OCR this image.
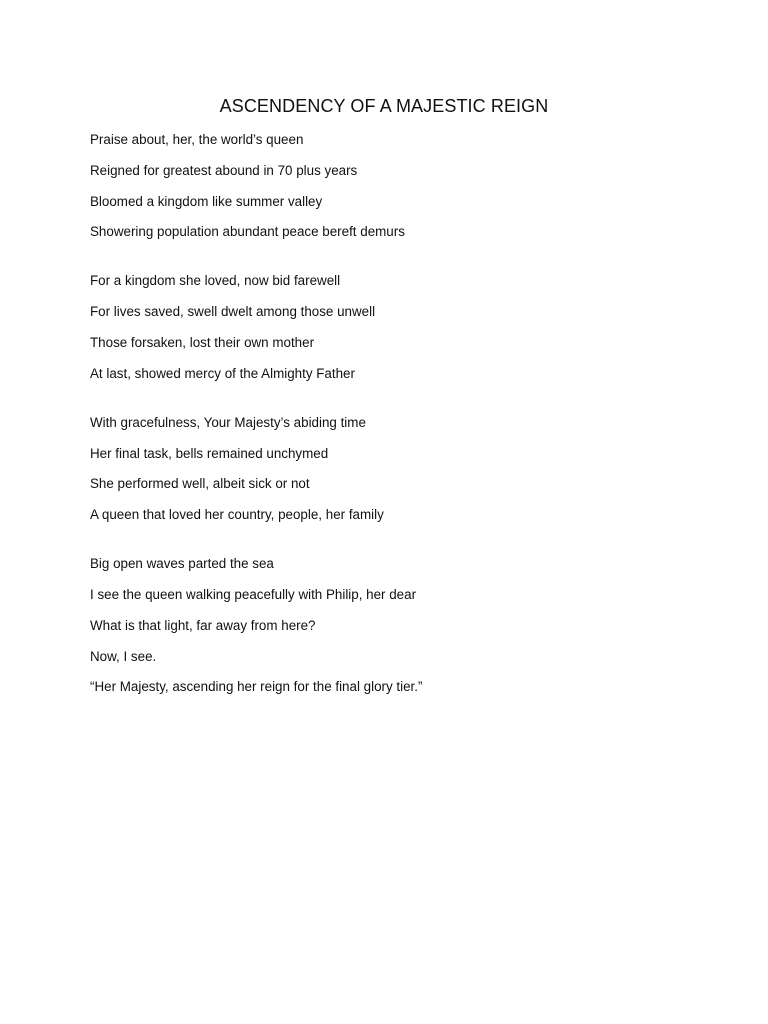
ASCENDENCY OF A MAJESTIC REIGN
Praise about, her, the world’s queen
Reigned for greatest abound in 70 plus years
Bloomed a kingdom like summer valley
Showering population abundant peace bereft demurs
For a kingdom she loved, now bid farewell
For lives saved, swell dwelt among those unwell
Those forsaken, lost their own mother
At last, showed mercy of the Almighty Father
With gracefulness, Your Majesty’s abiding time
Her final task, bells remained unchymed
She performed well, albeit sick or not
A queen that loved her country, people, her family
Big open waves parted the sea
I see the queen walking peacefully with Philip, her dear
What is that light, far away from here?
Now, I see.
“Her Majesty, ascending her reign for the final glory tier.”
